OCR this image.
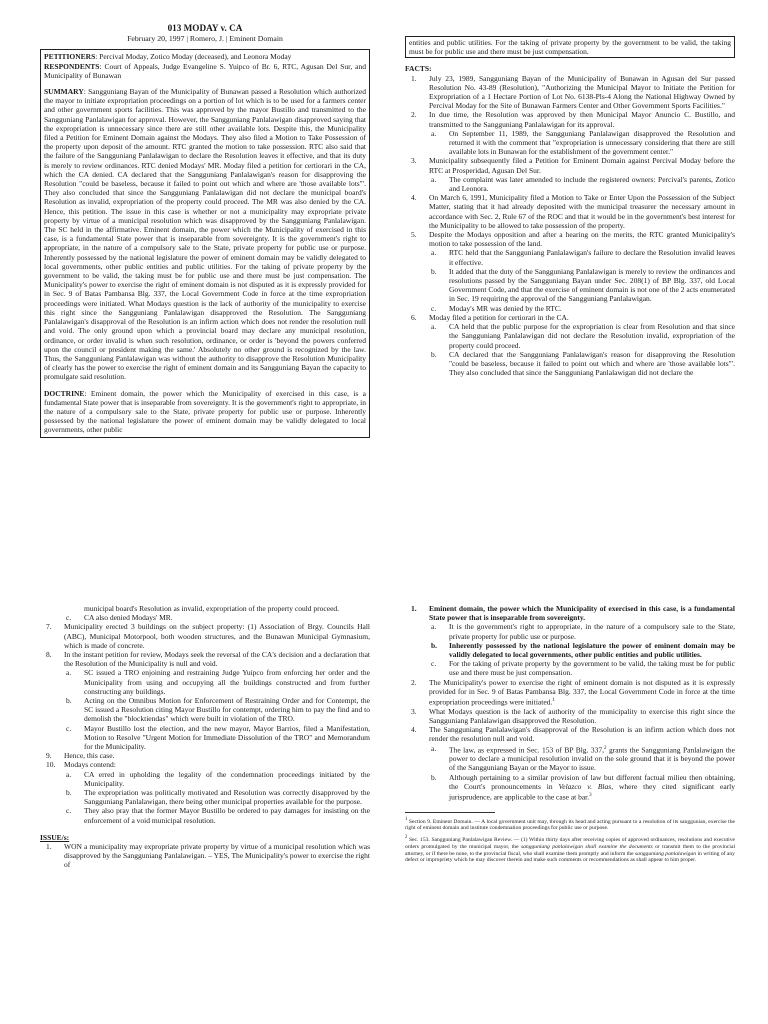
013 MODAY v. CA
February 20, 1997 | Romero, J. | Eminent Domain

PETITIONERS: Percival Moday, Zotico Moday (deceased), and Leonora Moday

RESPONDENTS: Court of Appeals, Judge Evangeline S. Yuipco of Br. 6, RTC, Agusan Del Sur, and Municipality of Bunawan

SUMMARY: Sangguniang Bayan of the Municipality of Bunawan passed a Resolution which authorized the mayor to initiate expropriation proceedings on a portion of lot which is to be used for a farmers center and other government sports facilities. This was approved by the mayor Bustillo and transmitted to the Sangguniang Panlalawigan for approval. However, the Sangguniang Panlalawigan disapproved saying that the expropriation is unnecessary since there are still other available lots. Despite this, the Municipality filed a Petition for Eminent Domain against the Modays. They also filed a Motion to Take Possession of the property upon deposit of the amount. RTC granted the motion to take possession. RTC also said that the failure of the Sangguniang Panlalawigan to declare the Resolution leaves it effective, and that its duty is merely to review ordinances. RTC denied Modays' MR. Moday filed a petition for certiorari in the CA, which the CA denied. CA declared that the Sangguniang Panlalawigan's reason for disapproving the Resolution "could be baseless, because it failed to point out which and where are 'those available lots'". They also concluded that since the Sangguniang Panlalawigan did not declare the municipal board's Resolution as invalid, expropriation of the property could proceed. The MR was also denied by the CA. Hence, this petition. The issue in this case is whether or not a municipality may expropriate private property by virtue of a municipal resolution which was disapproved by the Sangguniang Panlalawigan. The SC held in the affirmative. Eminent domain, the power which the Municipality of exercised in this case, is a fundamental State power that is inseparable from sovereignty. It is the government's right to appropriate, in the nature of a compulsory sale to the State, private property for public use or purpose. Inherently possessed by the national legislature the power of eminent domain may be validly delegated to local governments, other public entities and public utilities. For the taking of private property by the government to be valid, the taking must be for public use and there must be just compensation. The Municipality's power to exercise the right of eminent domain is not disputed as it is expressly provided for in Sec. 9 of Batas Pambansa Blg. 337, the Local Government Code in force at the time expropriation proceedings were initiated. What Modays question is the lack of authority of the municipality to exercise this right since the Sangguniang Panlalawigan disapproved the Resolution. The Sangguniang Panlalawigan's disapproval of the Resolution is an infirm action which does not render the resolution null and void. The only ground upon which a provincial board may declare any municipal resolution, ordinance, or order invalid is when such resolution, ordinance, or order is 'beyond the powers conferred upon the council or president making the same.' Absolutely no other ground is recognized by the law. Thus, the Sangguniang Panlalawigan was without the authority to disapprove the Resolution Municipality of clearly has the power to exercise the right of eminent domain and its Sangguniang Bayan the capacity to promulgate said resolution.

DOCTRINE: Eminent domain, the power which the Municipality of exercised in this case, is a fundamental State power that is inseparable from sovereignty. It is the government's right to appropriate, in the nature of a compulsory sale to the State, private property for public use or purpose. Inherently possessed by the national legislature the power of eminent domain may be validly delegated to local governments, other public

entities and public utilities. For the taking of private property by the government to be valid, the taking must be for public use and there must be just compensation.
FACTS:
1. July 23, 1989, Sangguniang Bayan of the Municipality of Bunawan in Agusan del Sur passed Resolution No. 43-89 (Resolution), "Authorizing the Municipal Mayor to Initiate the Petition for Expropriation of a 1 Hectare Portion of Lot No. 6138-Pls-4 Along the National Highway Owned by Percival Moday for the Site of Bunawan Farmers Center and Other Government Sports Facilities."
2. In due time, the Resolution was approved by then Municipal Mayor Anuncio C. Bustillo, and transmitted to the Sangguniang Panlalawigan for its approval.
a. On September 11, 1989, the Sangguniang Panlalawigan disapproved the Resolution and returned it with the comment that "expropriation is unnecessary considering that there are still available lots in Bunawan for the establishment of the government center."
3. Municipality subsequently filed a Petition for Eminent Domain against Percival Moday before the RTC at Prosperidad, Agusan Del Sur.
a. The complaint was later amended to include the registered owners: Percival's parents, Zotico and Leonora.
4. On March 6, 1991, Municipality filed a Motion to Take or Enter Upon the Possession of the Subject Matter, stating that it had already deposited with the municipal treasurer the necessary amount in accordance with Sec. 2, Rule 67 of the ROC and that it would be in the government's best interest for the Municipality to be allowed to take possession of the property.
5. Despite the Modays opposition and after a hearing on the merits, the RTC granted Municipality's motion to take possession of the land.
a. RTC held that the Sangguniang Panlalawigan's failure to declare the Resolution invalid leaves it effective.
b. It added that the duty of the Sangguniang Panlalawigan is merely to review the ordinances and resolutions passed by the Sangguniang Bayan under Sec. 208(1) of BP Blg. 337, old Local Government Code, and that the exercise of eminent domain is not one of the 2 acts enumerated in Sec. 19 requiring the approval of the Sangguniang Panlalawigan.
c. Moday's MR was denied by the RTC.
6. Moday filed a petition for certiorari in the CA.
a. CA held that the public purpose for the expropriation is clear from Resolution and that since the Sangguniang Panlalawigan did not declare the Resolution invalid, expropriation of the property could proceed.
b. CA declared that the Sangguniang Panlalawigan's reason for disapproving the Resolution "could be baseless, because it failed to point out which and where are 'those available lots'". They also concluded that since the Sangguniang Panlalawigan did not declare the
municipal board's Resolution as invalid, expropriation of the property could proceed.
c. CA also denied Modays' MR.
7. Municipality erected 3 buildings on the subject property: (1) Association of Brgy. Councils Hall (ABC), Municipal Motorpool, both wooden structures, and the Bunawan Municipal Gymnasium, which is made of concrete.
8. In the instant petition for review, Modays seek the reversal of the CA's decision and a declaration that the Resolution of the Municipality is null and void.
a. SC issued a TRO enjoining and restraining Judge Yuipco from enforcing her order and the Municipality from using and occupying all the buildings constructed and from further constructing any buildings.
b. Acting on the Omnibus Motion for Enforcement of Restraining Order and for Contempt, the SC issued a Resolution citing Mayor Bustillo for contempt, ordering him to pay the find and to demolish the "blocktiendas" which were built in violation of the TRO.
c. Mayor Bustillo lost the election, and the new mayor, Mayor Barrios, filed a Manifestation, Motion to Resolve "Urgent Motion for Immediate Dissolution of the TRO" and Memorandum for the Municipality.
9. Hence, this case.
10. Modays contend:
a. CA erred in upholding the legality of the condemnation proceedings initiated by the Municipality.
b. The expropriation was politically motivated and Resolution was correctly disapproved by the Sangguniang Panlalawigan, there being other municipal properties available for the purpose.
c. They also pray that the former Mayor Bustillo be ordered to pay damages for insisting on the enforcement of a void municipal resolution.
ISSUE/s:
1. WON a municipality may expropriate private property by virtue of a municipal resolution which was disapproved by the Sangguniang Panlalawigan. – YES, The Municipality's power to exercise the right of
1. Eminent domain, the power which the Municipality of exercised in this case, is a fundamental State power that is inseparable from sovereignty.
a. It is the government's right to appropriate, in the nature of a compulsory sale to the State, private property for public use or purpose.
b. Inherently possessed by the national legislature the power of eminent domain may be validly delegated to local governments, other public entities and public utilities.
c. For the taking of private property by the government to be valid, the taking must be for public use and there must be just compensation.
2. The Municipality's power to exercise the right of eminent domain is not disputed as it is expressly provided for in Sec. 9 of Batas Pambansa Blg. 337, the Local Government Code in force at the time expropriation proceedings were initiated.$^1$
3. What Modays question is the lack of authority of the municipality to exercise this right since the Sangguniang Panlalawigan disapproved the Resolution.
4. The Sangguniang Panlalawigan's disapproval of the Resolution is an infirm action which does not render the resolution null and void.
a. The law, as expressed in Sec. 153 of BP Blg. 337,$^2$ grants the Sangguniang Panlalawigan the power to declare a municipal resolution invalid on the sole ground that it is beyond the power of the Sangguniang Bayan or the Mayor to issue.
b. Although pertaining to a similar provision of law but different factual milieu then obtaining, the Court's pronouncements in Velazco v. Blas, where they cited significant early jurisprudence, are applicable to the case at bar.$^3$
$^1$ Section 9. Eminent Domain. — A local government unit may, through its head and acting pursuant to a resolution of its sanggunian, exercise the right of eminent domain and institute condemnation proceedings for public use or purpose.
$^2$ Sec. 153. Sangguniang Panlalawigan Review. — (1) Within thirty days after receiving copies of approved ordinances, resolutions and executive orders promulgated by the municipal mayor, the sangguniang panlalawigan shall examine the documents or transmit them to the provincial attorney, or if there be none, to the provincial fiscal, who shall examine them promptly and inform the sangguniang panlalawigan in writing of any defect or impropriety which he may discover therein and make such comments or recommendations as shall appear to him proper.
